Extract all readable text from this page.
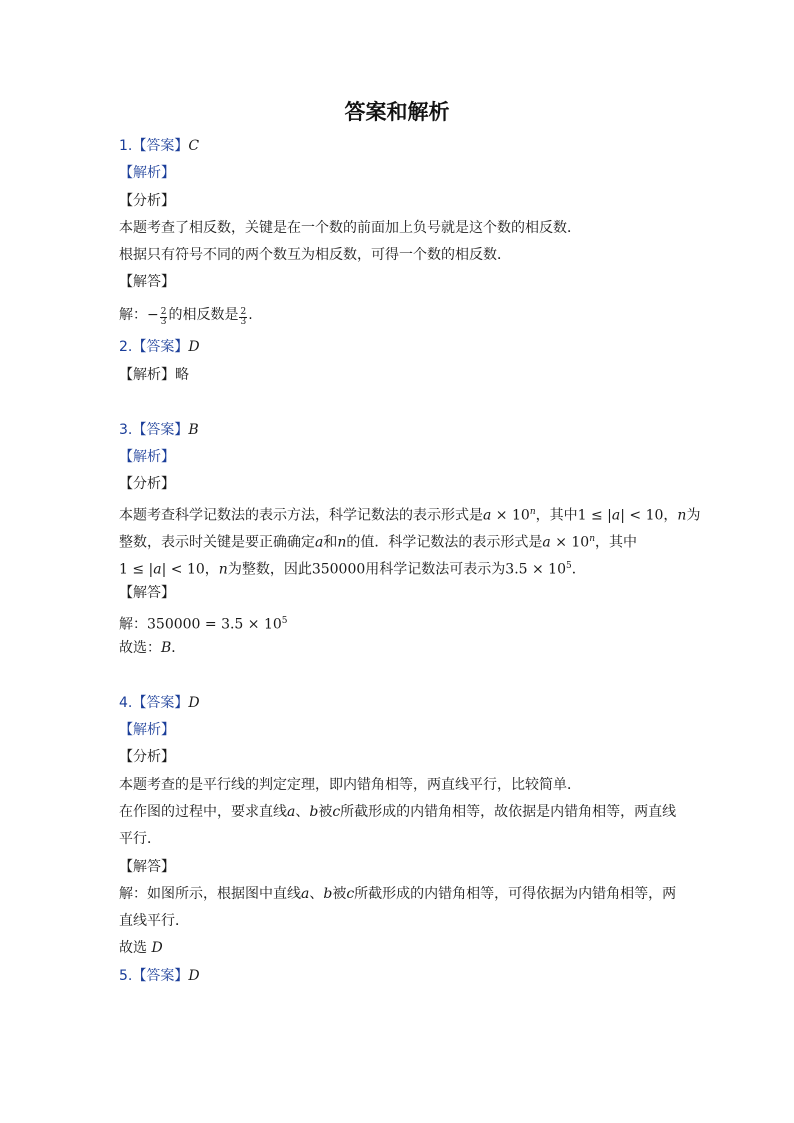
答案和解析
1.【答案】C
【解析】
【分析】
本题考查了相反数，关键是在一个数的前面加上负号就是这个数的相反数．
根据只有符号不同的两个数互为相反数，可得一个数的相反数．
【解答】
解：− $\frac{2}{3}$ 的相反数是 $\frac{2}{3}$ .
2.【答案】D
【解析】略
3.【答案】B
【解析】
【分析】
本题考查科学记数法的表示方法，科学记数法的表示形式是$a \times 10^n$，其中1 ≤ |a| < 10，n为
整数，表示时关键是要正确确定a和n的值．科学记数法的表示形式是$a \times 10^n$，其中
1 ≤ |a| < 10，n为整数，因此350000用科学记数法可表示为$3.5 \times 10^5$．
【解答】
解：$350000 = 3.5 \times 10^5$
故选：B．
4.【答案】D
【解析】
【分析】
本题考查的是平行线的判定定理，即内错角相等，两直线平行，比较简单．
在作图的过程中，要求直线a、b被c所截形成的内错角相等，故依据是内错角相等，两直线
平行．
【解答】
解：如图所示，根据图中直线a、b被c所截形成的内错角相等，可得依据为内错角相等，两
直线平行．
故选 D
5.【答案】D
